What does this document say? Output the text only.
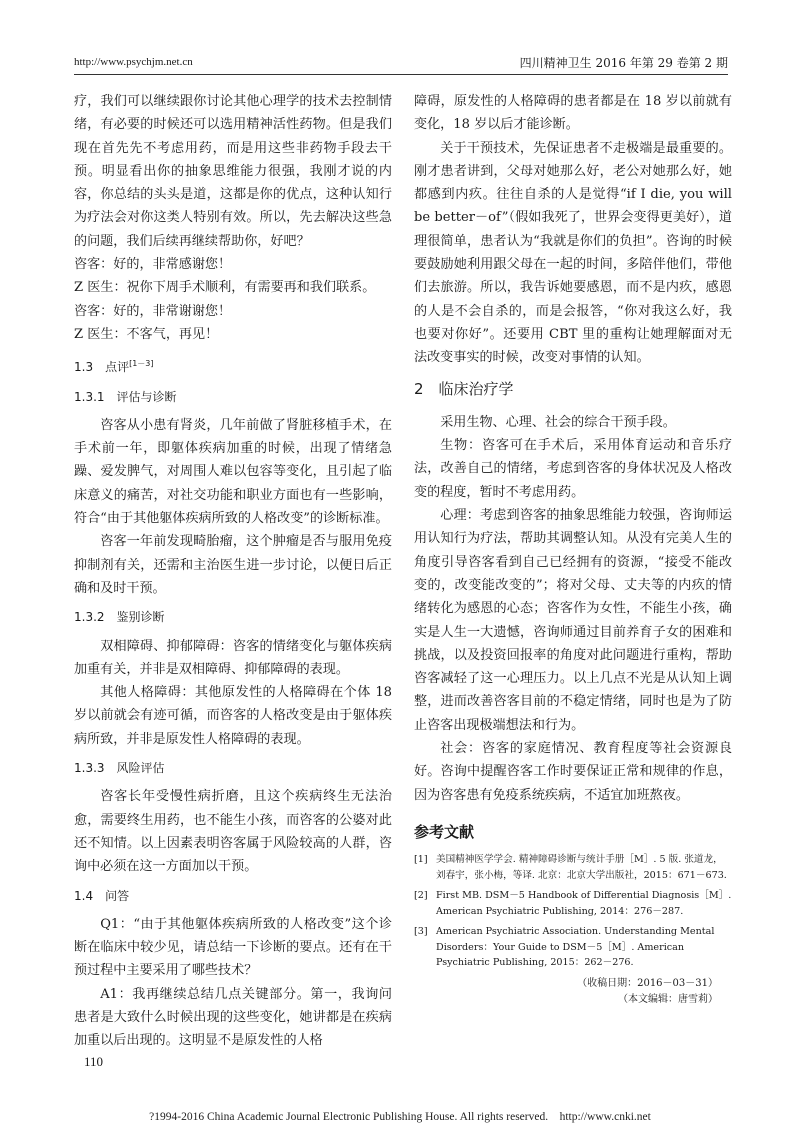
http://www.psychjm.net.cn	四川精神卫生 2016 年第 29 卷第 2 期

疗，我们可以继续跟你讨论其他心理学的技术去控制情绪，有必要的时候还可以选用精神活性药物。但是我们现在首先先不考虑用药，而是用这些非药物手段去干预。明显看出你的抽象思维能力很强，我刚才说的内容，你总结的头头是道，这都是你的优点，这种认知行为疗法会对你这类人特别有效。所以，先去解决这些急的问题，我们后续再继续帮助你，好吧？

咨客：好的，非常感谢您！

Z 医生：祝你下周手术顺利，有需要再和我们联系。

咨客：好的，非常谢谢您！

Z 医生：不客气，再见！

1.3　点评[1－3]
1.3.1　评估与诊断

咨客从小患有肾炎，几年前做了肾脏移植手术，在手术前一年，即躯体疾病加重的时候，出现了情绪急躁、爱发脾气，对周围人难以包容等变化，且引起了临床意义的痛苦，对社交功能和职业方面也有一些影响，符合“由于其他躯体疾病所致的人格改变”的诊断标准。

咨客一年前发现畸胎瘤，这个肿瘤是否与服用免疫抑制剂有关，还需和主治医生进一步讨论，以便日后正确和及时干预。

1.3.2　鉴别诊断

双相障碍、抑郁障碍：咨客的情绪变化与躯体疾病加重有关，并非是双相障碍、抑郁障碍的表现。

其他人格障碍：其他原发性的人格障碍在个体 18 岁以前就会有迹可循，而咨客的人格改变是由于躯体疾病所致，并非是原发性人格障碍的表现。

1.3.3　风险评估

咨客长年受慢性病折磨，且这个疾病终生无法治愈，需要终生用药，也不能生小孩，而咨客的公婆对此还不知情。以上因素表明咨客属于风险较高的人群，咨询中必须在这一方面加以干预。

1.4　问答

Q1：“由于其他躯体疾病所致的人格改变”这个诊断在临床中较少见，请总结一下诊断的要点。还有在干预过程中主要采用了哪些技术？

A1：我再继续总结几点关键部分。第一，我询问患者是大致什么时候出现的这些变化，她讲都是在疾病加重以后出现的。这明显不是原发性的人格

障碍，原发性的人格障碍的患者都是在 18 岁以前就有变化，18 岁以后才能诊断。

关于干预技术，先保证患者不走极端是最重要的。刚才患者讲到，父母对她那么好，老公对她那么好，她都感到内疚。往往自杀的人是觉得“if I die, you will be better－of”（假如我死了，世界会变得更美好），道理很简单，患者认为“我就是你们的负担”。咨询的时候要鼓励她利用跟父母在一起的时间，多陪伴他们，带他们去旅游。所以，我告诉她要感恩，而不是内疚，感恩的人是不会自杀的，而是会报答，“你对我这么好，我也要对你好”。还要用 CBT 里的重构让她理解面对无法改变事实的时候，改变对事情的认知。

2　临床治疗学

采用生物、心理、社会的综合干预手段。

生物：咨客可在手术后，采用体育运动和音乐疗法，改善自己的情绪，考虑到咨客的身体状况及人格改变的程度，暂时不考虑用药。

心理：考虑到咨客的抽象思维能力较强，咨询师运用认知行为疗法，帮助其调整认知。从没有完美人生的角度引导咨客看到自己已经拥有的资源，“接受不能改变的，改变能改变的”；将对父母、丈夫等的内疚的情绪转化为感恩的心态；咨客作为女性，不能生小孩，确实是人生一大遗憾，咨询师通过目前养育子女的困难和挑战，以及投资回报率的角度对此问题进行重构，帮助咨客减轻了这一心理压力。以上几点不光是从认知上调整，进而改善咨客目前的不稳定情绪，同时也是为了防止咨客出现极端想法和行为。

社会：咨客的家庭情况、教育程度等社会资源良好。咨询中提醒咨客工作时要保证正常和规律的作息，因为咨客患有免疫系统疾病，不适宜加班熬夜。

参考文献
[1] 美国精神医学学会. 精神障碍诊断与统计手册［M］. 5 版. 张道龙，刘春宇，张小梅，等译. 北京：北京大学出版社，2015：671－673.
[2] First MB. DSM－5 Handbook of Differential Diagnosis［M］. American Psychiatric Publishing, 2014：276－287.
[3] American Psychiatric Association. Understanding Mental Disorders：Your Guide to DSM－5［M］. American Psychiatric Publishing, 2015：262－276.
（收稿日期：2016－03－31）
（本文编辑：唐雪莉）
110
?1994-2016 China Academic Journal Electronic Publishing House. All rights reserved.　http://www.cnki.net
